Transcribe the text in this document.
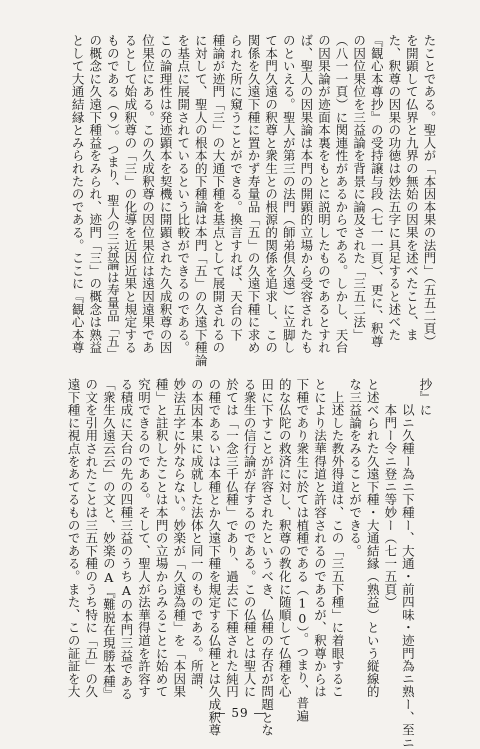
たことである。聖人が「本因本果の法門」（五五二頁）

を開顕して仏界と九界の無始の因果を述べたこと、ま

た、釈尊の因果の功徳は妙法五字に具足すると述べた

『観心本尊抄』の受持譲与段（七一一頁）、更に、釈尊

の因位果位を三益論を背景に論及された「三五二法」

（八一一頁）に関連性があるからである。しかし、天台

の因果論が迹面本裏をもとに説明したものであるとすれ

ば、聖人の因果論は本門の開顕的立場から受容されたも

のといえる。聖人が第三の法門（師弟倶久遠）に立脚し

て本門久遠の釈尊と衆生との根源的関係を追求し、この

関係を久遠下種に置かず寿量品「五」の久遠下種に求め

られた所に窺うことができる。換言すれば、天台の下

種論が迹門「三」の大通下種を基点として展開されるの

に対して、聖人の根本的下種論は本門「五」の久遠下種論

を基点に展開されているという比較ができるのである。

この論理性は発迹顕本を契機に開顕された久成釈尊の因

位果位にある。この久成釈尊の因位果位は遠因遠果であ

るとして始成釈尊の「三」の化導を近因近果と規定する

ものである（９）。つまり、聖人の三益論は寿量品「五」

の概念に久遠下種益をみられ、迹門「三」の概念は熟益

として大通結縁とみられたのである。ここに『観心本尊

抄』に

　　以ニ久種ー為ニ下種ー、大通・前四味・迹門為ニ熟ー、至ニ

　　本門ー令ニ登ニ等妙ー（七一五頁）

と述べられた久遠下種・大通結縁（熟益）という縦線的

な三益論をみることができる。

　上述した教外得道は、この「三五下種」に着眼するこ

とにより法華得道と許容されるのであるが、釈尊からは

下種であり衆生に於ては植種である（10）。つまり、普遍

的な仏陀の救済に対し、釈尊の教化に随順して仏種を心

田に下すことが許容されたというべき、仏種の存否が問題とな

る衆生の信行論が存するのである。この仏種とは聖人に

於ては「一念三千仏種」であり、過去に下種された純円

の種であるいは本種とか久遠下種を規定する仏種とは久成釈尊

の本因本果に成就した法体と同一のものである。所謂、

妙法五字に外ならない。妙楽が「久遠為種」を「本因果

種」と註釈したことは本門の立場からみることに始めて

究明できるのである。そして、聖人が法華得道を許容す

る積成に天台の先の四種三益のうちAの本門三益である

「衆生久遠云云」の文と、妙楽のA『難脱在現勝本種』

の文を引用されたことは三五下種のうち特に「五」の久

遠下種に視点をあてるものである。また、この証証を大

— 59 —
